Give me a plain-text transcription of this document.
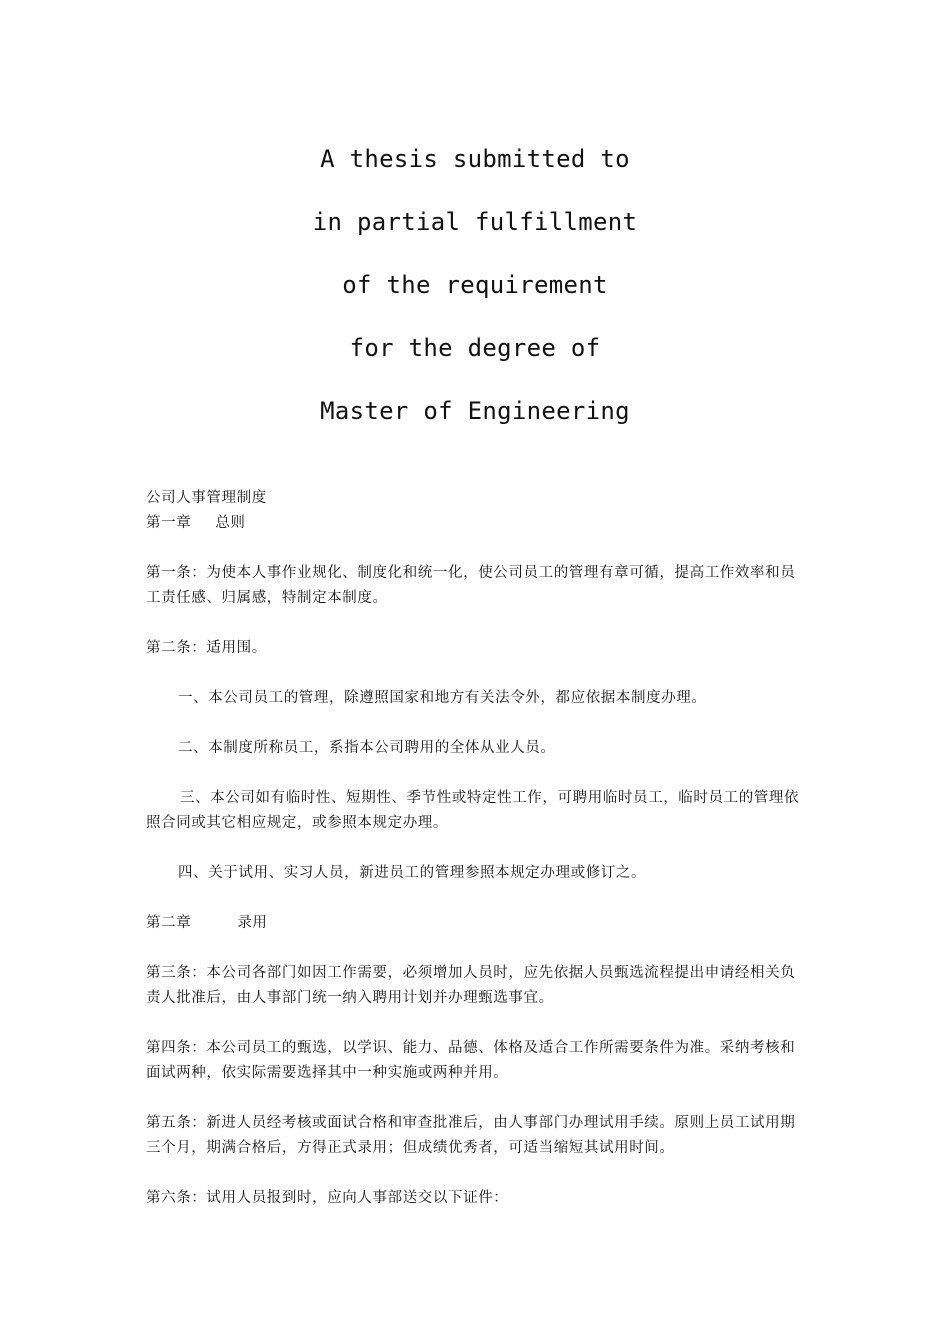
A thesis submitted to
in partial fulfillment
of the requirement
for the degree of
Master of Engineering

公司人事管理制度

第一章 总则

第一条：为使本人事作业规化、制度化和统一化，使公司员工的管理有章可循，提高工作效率和员工责任感、归属感，特制定本制度。

第二条：适用围。

一、本公司员工的管理，除遵照国家和地方有关法令外，都应依据本制度办理。

二、本制度所称员工，系指本公司聘用的全体从业人员。

三、本公司如有临时性、短期性、季节性或特定性工作，可聘用临时员工，临时员工的管理依照合同或其它相应规定，或参照本规定办理。

四、关于试用、实习人员，新进员工的管理参照本规定办理或修订之。

第二章	录用

第三条：本公司各部门如因工作需要，必须增加人员时，应先依据人员甄选流程提出申请经相关负责人批准后，由人事部门统一纳入聘用计划并办理甄选事宜。

第四条：本公司员工的甄选，以学识、能力、品德、体格及适合工作所需要条件为准。采纳考核和面试两种，依实际需要选择其中一种实施或两种并用。

第五条：新进人员经考核或面试合格和审查批准后，由人事部门办理试用手续。原则上员工试用期三个月，期满合格后，方得正式录用；但成绩优秀者，可适当缩短其试用时间。

第六条：试用人员报到时，应向人事部送交以下证件：
